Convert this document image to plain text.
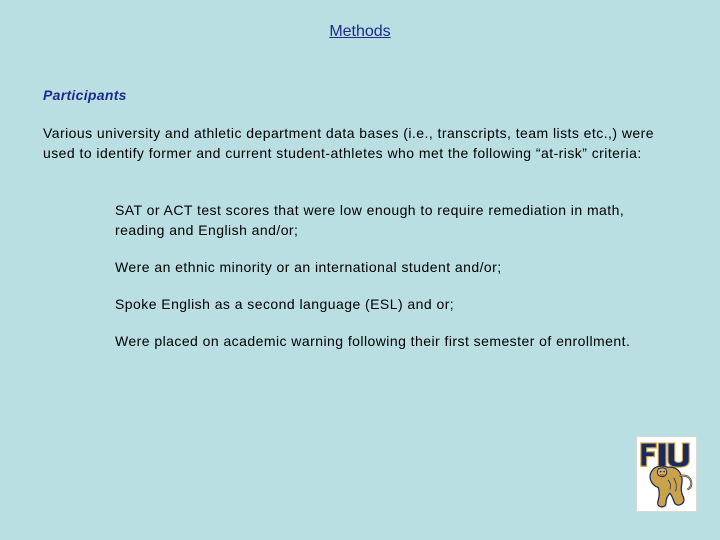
Methods
Participants

Various university and athletic department data bases (i.e., transcripts, team lists etc.,) were used to identify former and current student-athletes who met the following “at-risk” criteria:

SAT or ACT test scores that were low enough to require remediation in math, reading and English and/or;
Were an ethnic minority or an international student and/or;
Spoke English as a second language (ESL) and or;
Were placed on academic warning following their first semester of enrollment.
